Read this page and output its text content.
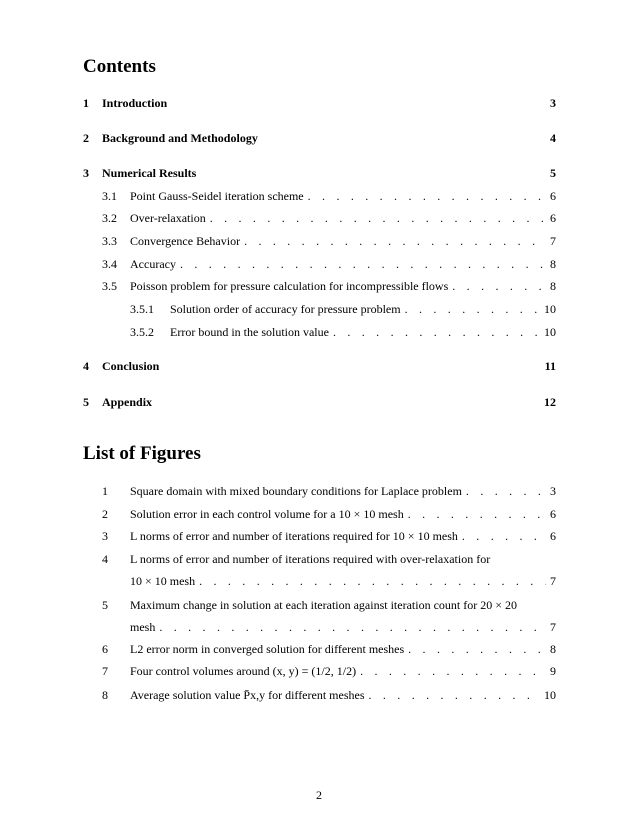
Contents
1	Introduction	3
2	Background and Methodology	4
3	Numerical Results	5
3.1	Point Gauss-Seidel iteration scheme . . .	6
3.2	Over-relaxation . . .	6
3.3	Convergence Behavior . . .	7
3.4	Accuracy . . .	8
3.5	Poisson problem for pressure calculation for incompressible flows . . .	8
3.5.1	Solution order of accuracy for pressure problem . . .	10
3.5.2	Error bound in the solution value . . .	10
4	Conclusion	11
5	Appendix	12
List of Figures
1	Square domain with mixed boundary conditions for Laplace problem . . .	3
2	Solution error in each control volume for a 10 × 10 mesh . . .	6
3	L norms of error and number of iterations required for 10 × 10 mesh . . .	6
4	L norms of error and number of iterations required with over-relaxation for
10 × 10 mesh . . .	7
5	Maximum change in solution at each iteration against iteration count for 20 × 20
mesh . . .	7
6	L2 error norm in converged solution for different meshes . . .	8
7	Four control volumes around (x, y) = (1/2, 1/2) . . .	9
8	Average solution value P̄x,y for different meshes . . .	10
2
